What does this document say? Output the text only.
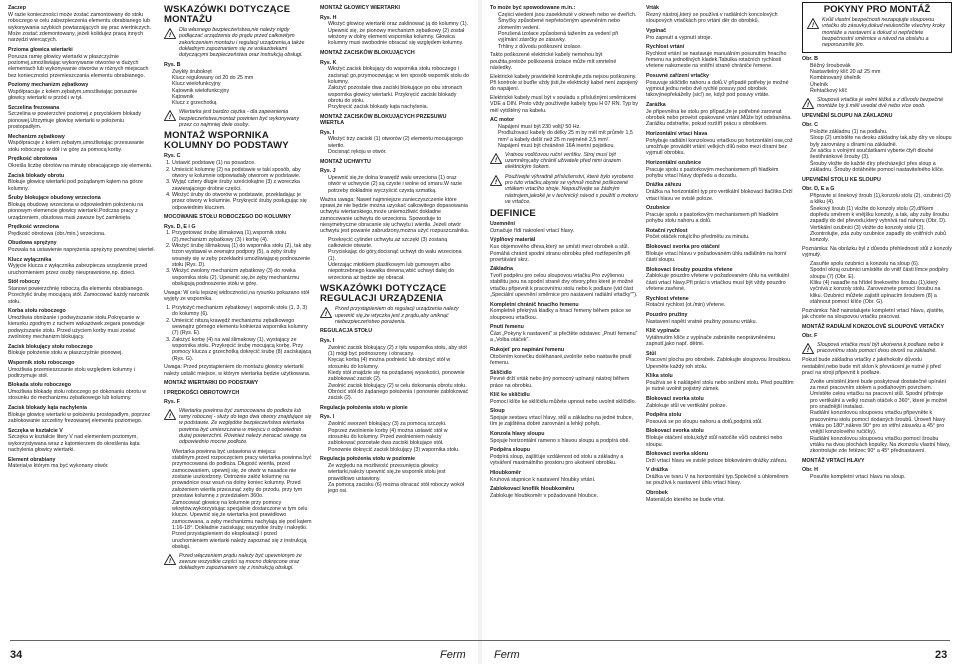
Zaczep

W razie konieczności może zostać zamontowany do stołu roboczego w celu zabezpieczenia elementu obrabianego lub wykonywania szybkich powtarzających się prac wiertniczych. Może zostać zdemontowany, jeżeli kolidujez pracą innych narzędzi wiercących.

Przioma głowica wiertarki

Porusza ramię głowicy wiertarki w płaszczyźnie poziomej,umożliwiając wykonywanie otworów w dużych elementach lub wykonywanie otworów w różnych miejscach bez konieczności przemieszczania elementu obrabianego.

Poziomy mechanizm zębatkowy

Współpracuje z kołem zębatym,umożliwiając porusznie głowicy wiertarki w przód i w tył.

Szczelina frezowana

Szczelina w powierzchni poziomej z przyciskiem blokady pionowej.Utrzymuje głowicę wiertarki w położeniu prostopadłym.

Mechanizm zębatkowy

Współpracuje z kołem zębatym,umożliwiając przesuwanie stołu roboczego w dół i w górę za pomocą korby.

Prędkość obrotowa

Określa liczbę obrotów na minutę obracającego się elementu.

Zacisk blokady obrotu

Blokuje głowicę wiertarki pod pożądanym kątem na górze kolumny.

Śruby blokujące obudowy wrzeciona

Blokują obudowę wrzeciona w odpowiednim położeniu na pionowym elemencie głowicy wiertarki.Podczas pracy z urządzeniem, obudowa musi zawsze być zamknięta.

Prędkość wrzeciona

Prędkość obrotowa (obr./min.) wrzeciona.

Obudowa sprężyny

Pozwala na ustawienie naprężenia sprężyny powrotnej wierteł.

Klucz wyłącznika

Wyjęcie klucza z wyłącznika zabezpiecza urządzenie przed uruchomieniem przez osoby nieuprawnione,np. dzieci.

Stół roboczy

Stanowi powierzchnię roboczą dla elementu obrabianego. Przechylić śrubę mocującą stół. Zamocować każdy narożnik stołu.

Korba stołu roboczego

Umożliwia obniżanie i podwyższanie stołu.Pokręcanie w kierunku zgodnym z ruchem wskazówek zegara powoduje podwyższanie stołu. Przed użyciem korby musi zostać zwolniony mechanizm blokujący.

Zacisk blokujący stołu roboczego

Blokuje położenie stołu w płaszczyźnie pionowej.

Wspornik stołu roboczego

Umożliwia przemieszczanie stołu względem kolumny i podtrzymuje stół.

Blokada stołu roboczego

Umożliwia blokadę stołu roboczego po dokonaniu obrotu w stosunku do mechanizmu zębatkowego lub kolumny.

Zacisk blokady kąta nachylenia

Blokuje głowicę wiertarki w położeniu prostopadłym, poprzez zablokowanie szczeliny frezowanej elementu poziomego.

Szczęka w kształcie V

Szczęka w kształcie litery V nad elementem poziomym, wykorzystywana wraz z kątomierzem do określenia kąta nachylenia głowicy wiertarki.

Element obrabiany

Materiał,w którym ma być wykonany otwór.

WSKAZÓWKI DOTYCZĄCE MONTAŻU
!
Dla własnego bezpieczeństwa,nie należy nigdy podłączać urządzenia do prądu przed całkowitym zakończeniem montażu i regulacji urządzenia,a także dokładnym zapoznaniem się ze wskazówkami dotyczącymi bezpieczeństwa oraz instrukcją obsługi.
Rys. B
• Zwykły śrubokręt
• Klucz regulowany od 20 do 25 mm
• Klucz wielofunkcyjny
• Kątownik wielofunkcyjny
• Kątownik
• Klucz z grzechotką
!
Wiertarka jest bardzo ciężka - dla zapewnienia bezpieczeństwa,montaż powinien być wykonywany przez co najmniej dwie osoby.
MONTAŻ WSPORNIKA KOLUMNY DO PODSTAWY
Rys. C
1. Ustawić podstawę (1) na posadzce.
2. Umieścić kolumnę (2) na podstawie w taki sposób, aby otwory w kolumnie odpowiadały otworom w podstawie.
3. Wyjąć cztery długie śruby sześciokątne (3) z woreczka zawierającego drobne części.
4. Włożyć śruby do otworów w podstawie, przekładając je przez otwory w kolumnie. Przykręcić śruby posługując się odpowiednim kluczem.
MOCOWANIE STOŁU ROBOCZEGO DO KOLUMNY
Rys. D, E i G
1. Przygotować śrubę ślimakową (1),wspornik stołu (2),mechanizm zębatkowy (3) i korbę (4).
2. Włożyć śrubę ślimakową (1) do wspornika stołu (2), tak aby trzon wystawał w zewnątrz podpory (5), a zęby śruby wsunęły się w zęby przekładni umożliwiającej podnoszenie stołu (Rys. D).
3. Włożyć zwolony mechanizm zębatkowy (3) do rowka wspornika stołu (2). Upewnić się,że zęby mechanizmu obsługują podnoszenie stołu w górę.

Uwaga: W celu lepszej widoczności,na rysunku pokazano stół wyjęty ze wspornika.

1. Przyłożyć mechanizm zębatkowy i wspornik stołu (1, 3, 3) do kolumny (6).
2. Umieścić nitszą krawędź mechanizmu zębatkowego wewnątrz górnego elementu kołnierza wspornika kolumny (7) (Rys. E).
3. Założyć korbę (4) na wał ślimakowy (1), wystający ze wspornika stołu. Przykręcić śrubę mocującą korbę. Przy pomocy klucza z grzechotką dokręcić śrubę (8) zaciskającą (Rys. G).

Uwaga: Przed przystąpieniem do montażu głowicy wiertarki należy ustalić miejsce, w którym wiertarka będzie użytkowana.

MONTAŻ WIERTARKI DO PODSTAWY
I PRĘDKOŚCI OBROTOWYCH
Rys. F
!
Wiertarka powinna być zamocowana do podłoża lub ramy roboczej - służy do tego dwa otwory znajdujące się w podstawie. Ze względów bezpieczeństwa wiertarka powinna być umieszczana w miejscu o odpowiednio dużej powierzchni. Również należy zwracać uwagę na odpowiednio mocne podłoże.
• Wiertarka powinna być ustawiona w miejscu stabilnym,przed rozpoczęciem pracy wiertarka powinna być przymocowana do podłoża. Długość wiertła, przed zamocowaniem, upewnij się, że otwór w nasadce nie zostanie uszkodzony. Ostrożnie załóż kolumnę na prowadnice oraz wsuń na dolny koniec kolumny. Przed założeniem wiertła przesunąć zęby do przodu, przy tym przestaw kolumnę z przedziałem 360o.
• Zamocować głowicę na kolumnie przy pomocy wkrętów,wykorzystując specjalnie dostarczone w tym celu klucze. Upewnić się,że wiertarka jest prawidłowo zamocowana, a zęby mechanizmu nachylają się pod kątem 1:16-18°. Dokładnie zaciskając wszystkie śruby i nakrętki.
• Przed przystąpieniem do eksploatacji i przed uruchomieniem wiertarki należy zapoznać się z instrukcją obsługi.
!
Przed włączeniem prądu należy być upewnionym że zawsze wszystkie części są mocno dokręcone oraz dokładnym zapoznaniem się z instrukcją obsługi.
MONTAŻ GŁOWICY WIERTARKI
Rys. H
• Włożyć głowicę wiertarki oraz zaklinować ją do kolumny (1).
• Upewnić się, że pionowy mechanizm zębatkowy (2) został włożony w dolny element wspornika kolumny. Głowica kolumny musi swobodnie obracać się względem kolumny.
MONTAŻ ZACISKÓW BLOKUJĄCYCH
Rys. K
• Włożyć zacisk blokujący do wspornika stołu roboczego i zacisnąć go,przymocowując w ten sposób wspornik stołu do kolumny.
• Założyć pozostałe dwa zaciski blokujące po obu stronach wspornika głowicy wiertarki. Przykręcić zaciski blokady obrotu do stołu.
• Przykręcić zacisk blokady kąta nachylenia.
MONTAŻ ZACISKÓW BLOKUJĄCYCH PRZESUWU WIERTŁA
Rys. I
• Włożyć trzy zaciski (1) otworów (2) elementu mocującego wiertło.
• Docisnąć rękoju w otwór.
MONTAŻ UCHWYTU
Rys. J
• Upewnić się,że dolna krawędź wału wrzeciona (1) oraz otwór w uchwycie (2) są czyste i wolne od smaru.W razie potrzeby dokładnie wyczyścić czystą szmatką.

Ważna uwaga: Nawet najmniejsze zanieczyszczenie które sprawi,że nie będzie można uzyskać całkowitego dopasowania uchwytu wiertarskiego,może uniemożliwić dokładne zamocowanie uchwytu do wrzeciona. Spowoduje to niesymetryczne obracanie się uchwytu i wiertła. Jeżeli otwór uchwytu jest powanie zabrudzony,można użyć rozpuszczalnika.

• Przekręcić cylinder uchwytu,aż szczęki (3) zostaną całkowicie otwarte.
• Przyciskając do góry,docisnąć uchwyt do wału wrzeciona (1).
• Uderzając młotkiem plastikowym lub gumowym albo niepotrzebnego kawałka drewna,wbić uchwyt dalej do wrzeciona aż będzie się obracał.
WSKAZÓWKI DOTYCZĄCE REGULACJI URZĄDZENIA
!
Przed przystąpieniem do regulacji urządzenia należy upewnić się,że wtyczka jest z prądu,aby uniknąć niebezpieczeństwo porażenia.
REGULACJA STOŁU
Rys. I
• Zwolnić zacisk blokujący (2) z tyłu wspornika stołu, aby stół (1) mógł być podnoszony i obracany.
• Kręcąc korbą (4) można podnieść lub obniżyć stół w stosunku do kolumny.
• Kiedy stół znajdzie się na pożądanej wysokości, ponownie zablokować zacisk (2).
• Zwolnić zacisk blokujący (2) w celu dokonania obrotu stołu.
• Obrócić stół do żądanego położenia i ponownie zablokować zacisk (2).
Regulacja położenia stołu w pionie
Rys. I
• Zwolnić sworzeń blokujący (3) za pomocą szczęki.
• Poprzez zwolnienie korby (4) można ustawić stół w stosunku do kolumny. Przed zwolnieniem należy zablokować pozostałe dwa zaciski blokujące stół.
• Ponownie dokręcić zacisk blokujący (3) wspornika stołu.
Regulacja położenia stołu w poziomie
• Ze względu na możliwość przesunięcia głowicy wiertarki,należy upewnić się,że wspornik stołu jest prawidłowo ustawiony.
• Za pomocą zacisku (6) można obracać stół roboczy wokół jego osi.
To może być spowodowane m.in.:
• Części wiedeni jsou zasekknuté v okneeh nebo ve dveřích.
• Šmyčky způsobené nepřetočeným upevněním nebo zlomením vedení.
• Porušená izolace způsobená tažením za vedení při vyjímání zásrčky ze zásuvky.
• Trhliny z důvodu poškození izolace.

Takto poškozené elektrické kabely nemohou být použita,protože poškozená izolace může mít smrtelné následky.

Elektrické kabely pravidelně kontrolujte,zda nejsou poškozeny. Při kontrole si buďte vždy jisti,že elektrický kabel není zapojený do napájení.

Elektrické kabely musí být v souladu s příslušnými směrnicemi VDE a DIN. Proto vždy používejte kabely typu H 07 RN. Typ by měl vytištěný na kabelu.

AC motor
• Napájení musí být 230 volt(/ 50 Hz.
• Prodlužovací kabely do délky 25 m by měl mít průměr 1,5 mm² a kabely delší než 25 m nejméně 2,5 mm².
• Napájení musí být chráněné 16A inertní pojistkou.
!
Vratnou vodičovou ruční verštku. Stroj musí být uzemněny,aby chránil uživatele před nimi úrazem elektrickým šokem.
!
Používejte výhradně příslušenství, které bylo vyrobeno pro tuto vrtačku,abyste se vyhnuli možné poškozené vrtákem vrtacího stroje. Nepoužívejte se žádným nástrojem,jakoké je v technický návod s použití o motoru ve vrtačce.
DEFINICE
Uzemnění

Označuje řídí nakrolení vrtací hlavy.

Výplňový materiál

Kus objemového dřeva,který se umístí mezi obrobek a stůl. Pomáhá chránit spodní stranu obrobku před roztřepením při provrtávání skrz.

Základna

Tvoří podpěru pro celou sloupovou vrtačku.Pro zvýšenou stabilitu jsou na spodní straně dvy otvory,přes které je možné vrtačku připevnit k pracovnímu stolu nebo k podlaze (vid část „Speciální upevnění směrnice pro nastavení radiální vrtačky"").

Kompletní chránič hnacího řemenu

Kompletně překrývá kladky a hnací řemeny během práce se sloupovou vrtačkou.

Pnutí řemenu

Část „Pokyny k nastavení" si přečtěte odstavec „Pnutí řemenu" a „Volba otáček".

Rukojeť pro napínání řemenu

Otočením konečku doléhanaré,uvolníte nebo nastavíte pnutí řemenu.

Sklíčidlo

Pevné drží vrták nebo jiný pomocný upínaný nástroj během práce na obrobku.

Klíč ke sklíčidlu

Pomocí klíče ke sklíčidlu můžete upnout nebo uvolnit sklíčidlo.

Sloup

Spojuje sestavu vrtací hlavy, stůl a základnu na jedné trubce, tím je zajištěna dobré zarovnání a lehký pohyb.

Konzola hlavy sloupu

Spojuje horizontální rameno s hlavou sloupu a podpírá obě.

Podpěra sloupu

Podpírá sloup, zajišťuje vzdálenost od stolu a základny a vytváření maximálního prostoru pro ukotvení obrobku.

Hloubkoměr

Kruhová stupnice k nastavení hloubky vrtání.

Zablokovací knoflík hloubkoměru

Zablokuje hloubkoměr v požadované hloubce.

Vrták

Řezný nástroj,který se používá v radiálních koncolových sloupových vrtačkách pro vrtání děr do obrobků.

Vypínač

Pro zapnutí a vypnutí stroje.

Rychlost vrtání

Rychlost vrtání se nastavuje manuálním posunutím hnacího řemenu na jednotlivých kladek.Tabulka rotačních rychlostí vřetene nalezneste na vnitřní straně chrániče řemene.

Posuvné zařízení vrtačky

Posuvuje sklíčidlo nahoru a dolů.V případě potřeby je možné vyjmout jednu nebo dvě rychlé posuvy pod obrobek takovýnepřekáželiy (sic!) se, když pod posuvy vrtáte.

Zarážka

Je připevněna ke stolu pro případ,že je potřebné zarovnat obrobek nebo provést opakované vrtání.Může být odstraněna. Zarážku odstraňte, pokud rozšíří prácu s obrobkem.

Horizontální vrtací hlava

Pohybuje radiální konzolovou vrtačkou po horizontální ose,což umožňuje provádět vrtání velkých dílů nebo mezi dírami bez vyjmutí obrobku.

Horizontální ozubnice

Pracuje spolu s pastorkovým mechanismem při hladkém pohybu vrtací hlavy dopředu a dozadu.

Drážka zářezu

Drážka na horizontální typ pro vertikální blokovací tlačítko.Drží vrtací hlavu ve svislé poloze.

Ozubnice

Pracuje spolu s pastorkovým mechanismem při hladkém pohybu stolu nahoru a dolů.

Rotační rychlost

Počet otáček rotujícího předmětu za minutu.

Blokovací svorka pro otáčení

Blokuje vrtací hlavu v požadovaném úhlu radiálním na horní části sloupu.

Blokovací šrouby pouzdra vřetene

Zablokuje pouzdro vřetene v požadovaném úhlu na vertikální části vrtací hlavy.Při práci s vrtačkou musí být vždy pouzdro vřetene zavřené.

Rychlost vřetene

Rotační rychlost (ot./min) vřetene.

Pouzdro pružiny

Nastavení napětí vratné pružiny posunu vrtáku.

Klíč vypínače

Vytáhnutím klíče z vypínače zabráníte neoprávněnému zapnutí,jako např. dětmi.

Stůl

Pracovní plocha pro obrobek. Zablokujte sloupovou šroubkou. Upevněte každý roh stolu.

Klika stolu

Používá se k naklápění stolu nebo snížení stolu. Před použitím je nutné uvolnit pojistný zámek.

Blokovací svorka stolu

Zablokuje stůl ve vertikální poloze.

Podpěra stolu

Posouvá se po sloupu nahoru a dolů,podpírá stůl.

Blokovací svorka stolu

Blokuje otáčení stolu,když stůl natočíte vůči ozubnici nebo sloupu.

Blokovací svorka sklonu

Drží vrtací hlavu ve svislé poloze blokováním drážky zářezu.

V drážka

Drážka ve tvaru V na horizontální typ.Společně s úhloměrem se používá k nastavení úhlu vrtací hlavy.

Obrobek

Materiál,do kterého se bude vrtat.

POKYNY PRO MONTÁŽ
!
Kvůli vlastní bezpečnosti nezapojujte sloupovou vrtačku do zásuvky,dokud neukončíte všechny kroky montáže a nastavení a dokud si nepřečtete bezpečnostní směrnice a návod na obsluhu a neporozumíte jim.
Obr. B
• Běžný šroubovák
• Nastavitelný klíč 20 až 25 mm
• Kombinovaný úhelník
• Úhelník
• Řehtačkový klíč
!
Sloupová vrtačka je velmi těžká a z důvodu bezpečné montáže by ji měli uvedat dvě nebo více osob.
UPEVNĚNÍ SLOUPU NA ZÁKLADNU
Obr. C
• Položte základnu (1) na podlahu.
• Sloup (2) umístěte na desku základny tak,aby díry ve sloupu byly zarovnány s dírami na základně.
• Ze sáčku s volnými součástkami vyberte čtyři dlouhé šestihránkové šrouby (3).
• Šrouby vložte do každé díry přecházející přes sloup a základnu. Šrouby dotáhněte pomocí nastavitelného klíče.
UPEVNĚNÍ STOLU KE SLOUPU
Obr. D, E a G
• Připravte si šnekový šroub (1),konzolu stolu (2), ozubnici (3) a kliku (4).
• Šnekový šroub (1) vložte do konzoly stolu (2),dříkem dopředu směrem k vnějšku konzoly, a tak, aby zuby šroubu zapadly do del převodu,který vyhnívá rad nahoru (Obr. D).
• Vertikální ozubnici (3) vložte do konzoly stolu (2). Zkontrolujte, zda zuby ozubnice zapadly do vnitřních zubů konzoly.

Poznámka: Na obrázku byl z důvodu přehlednosti stůl z konzoly vyjmutý.

• Zasuňte spolu ozubnici a konzolu na sloup (6).
• Spodní okraj ozubnici umístěte do vnitř části límce podpěry sloupu (7) (Obr. E).
• Kliku (4) nasaďte na hřídel šnekového šroubu (1),který vyčnívá z konzoly stolu. Zaroveznete pomocí šroubu na kliku. Ozubnici můžete zajistit upínacím šroubem (8) a stáhnout pomocí klíče (Obr. G).

Poznámka: Než nainstalujete kompletní vrtací hlavu, zjistěte, jak chcete na sloupovou vrtačku pracovat.

MONTÁŽ RADIÁLNÍ KONZOLOVÉ SLOUPOVÉ VRTAČKY
Obr. F
!
Sloupová vrtačka musí být ukotvena k podlaze nebo k pracovnímu stolu pomocí dvou otvorů na základně.

Pokud bude základna vrtačky z jakéhokoliv důvodu nestabilní,nebo bude mít sklon k převrácení,je nutné ji před prací na stroji připevnit k podlaze.

• Zvolte umístění,které bude poskytovat dostatečné upínání za mezi pracovním stolem a podlahovým povrchem.
• Umístěte celou vrtačku na pracovní stůl. Spodní přístroje pro vertikální a velký rozsah otáček o 360°, které je možné pro snadnější instalaci.
• Radiální konzolovou sloupovou vrtačku připevněte k pracovnímu stolu pomocí dodaných šroubů. Úroveň hlavy vrtáku po 180°,nákres 90° pro sn vitřní zásuvku a 45° pro vnější konzolového ručičky).
• Radiální konzolovou sloupovou vrtačku pomocí šroubu vrtáku na dvou plochách kopulky. Na zkonzolu vlastní hlavy, zkontrolujte zde řetězec 90° a 45° přednastavení.
MONTÁŽ VRTACÍ HLAVY
Obr. H
• Posuňte kompletní vrtací hlavu na sloup.
34	Ferm	Ferm	23
